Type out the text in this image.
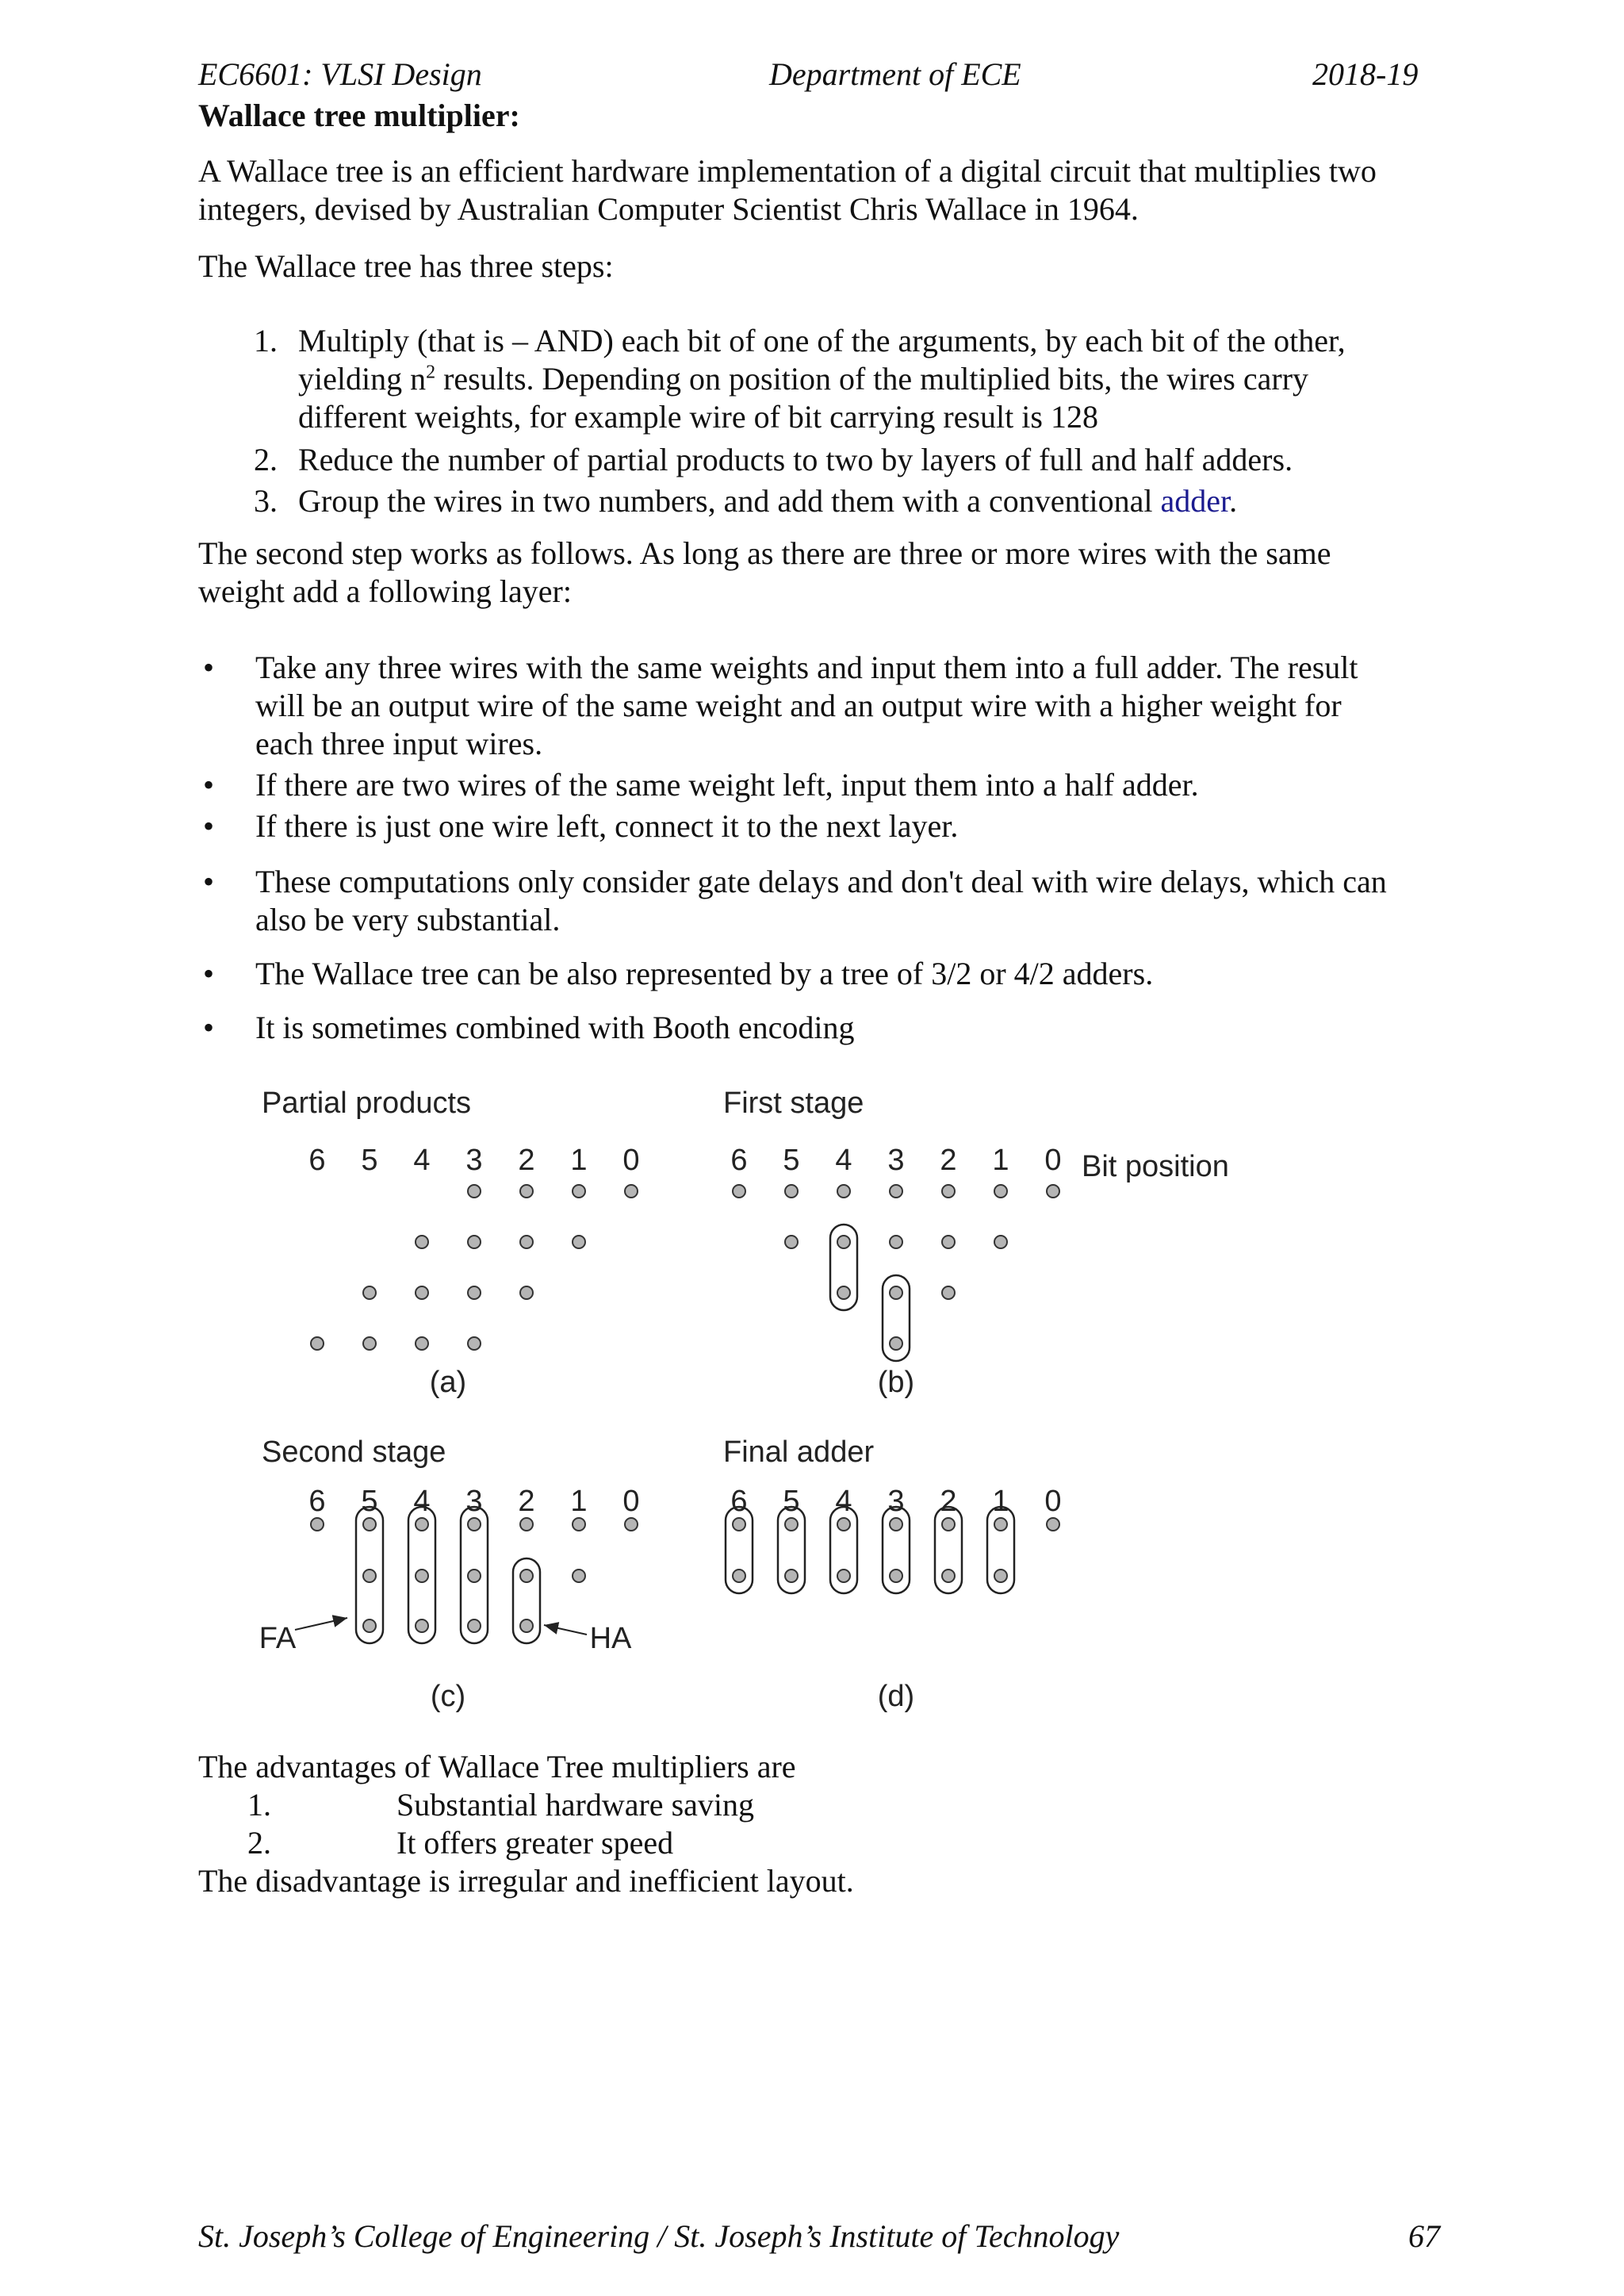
EC6601: VLSI Design	Department of ECE	2018-19
Wallace tree multiplier:
A Wallace tree is an efficient hardware implementation of a digital circuit that multiplies two
integers, devised by Australian Computer Scientist Chris Wallace in 1964.
The Wallace tree has three steps:
1. Multiply (that is – AND) each bit of one of the arguments, by each bit of the other,
yielding $n^2$ results. Depending on position of the multiplied bits, the wires carry
different weights, for example wire of bit carrying result is 128
2. Reduce the number of partial products to two by layers of full and half adders.
3. Group the wires in two numbers, and add them with a conventional adder.
The second step works as follows. As long as there are three or more wires with the same
weight add a following layer:
• Take any three wires with the same weights and input them into a full adder. The result
will be an output wire of the same weight and an output wire with a higher weight for
each three input wires.
• If there are two wires of the same weight left, input them into a half adder.
• If there is just one wire left, connect it to the next layer.
• These computations only consider gate delays and don't deal with wire delays, which can
also be very substantial.
• The Wallace tree can be also represented by a tree of 3/2 or 4/2 adders.
• It is sometimes combined with Booth encoding
Partial products
6 5 4 3 2 1 0
(a)
First stage
6 5 4 3 2 1 0 Bit position
(b)
Second stage
6 5 4 3 2 1 0
FA	HA
(c)
Final adder
6 5 4 3 2 1 0
(d)
The advantages of Wallace Tree multipliers are
1.	Substantial hardware saving
2.	It offers greater speed
The disadvantage is irregular and inefficient layout.
St. Joseph’s College of Engineering / St. Joseph’s Institute of Technology	67
